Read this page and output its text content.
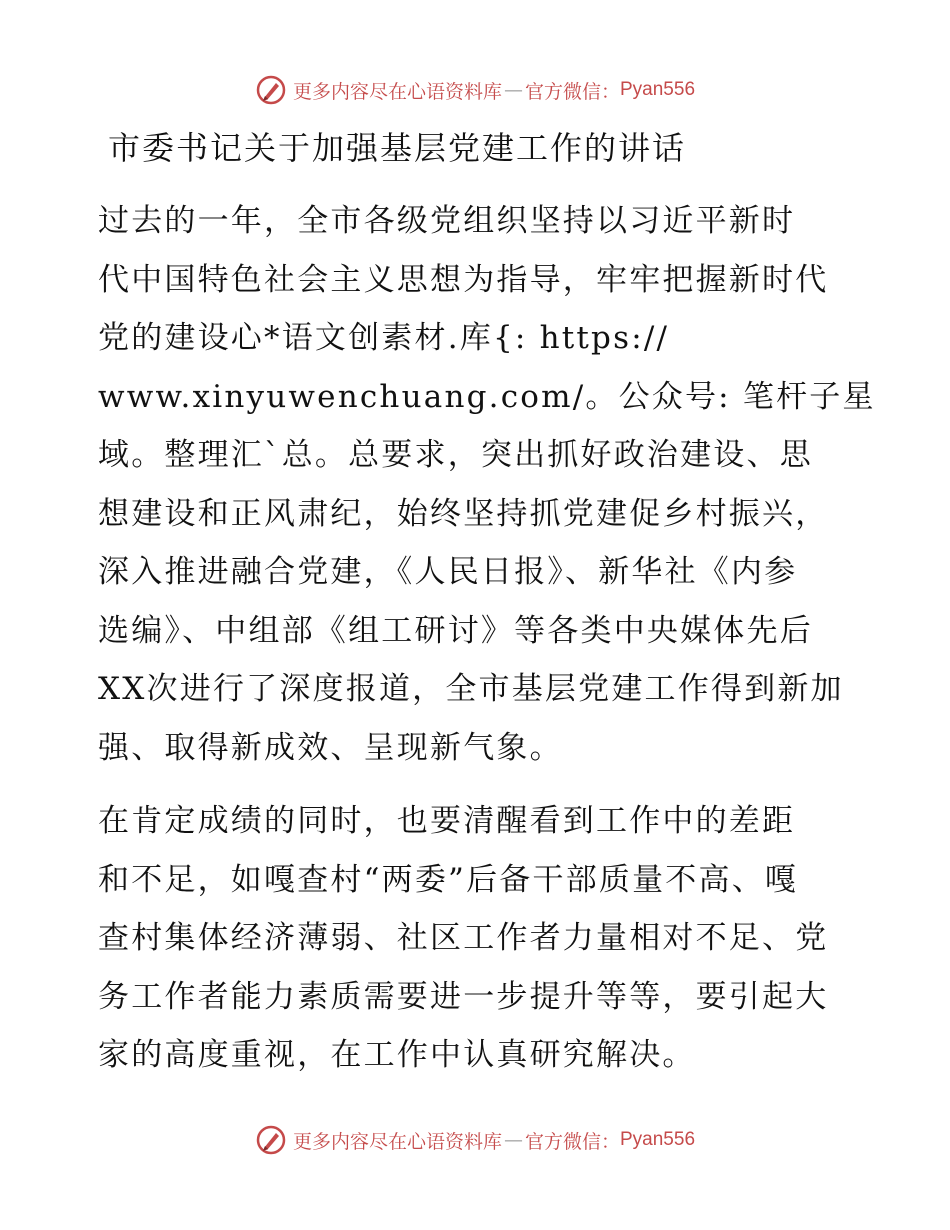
更多内容尽在心语资料库 — 官方微信： Pyan556
市委书记关于加强基层党建工作的讲话
过去的一年，全市各级党组织坚持以习近平新时
代中国特色社会主义思想为指导，牢牢把握新时代
党的建设心*语文创素材.库{: https://
www.xinyuwenchuang.com/。公众号: 笔杆子星
域。整理汇`总。总要求，突出抓好政治建设、思
想建设和正风肃纪，始终坚持抓党建促乡村振兴，
深入推进融合党建，《人民日报》、新华社《内参
选编》、中组部《组工研讨》等各类中央媒体先后
XX次进行了深度报道，全市基层党建工作得到新加
强、取得新成效、呈现新气象。
在肯定成绩的同时，也要清醒看到工作中的差距
和不足，如嘎查村“两委”后备干部质量不高、嘎
查村集体经济薄弱、社区工作者力量相对不足、党
务工作者能力素质需要进一步提升等等，要引起大
家的高度重视，在工作中认真研究解决。
更多内容尽在心语资料库 — 官方微信： Pyan556
